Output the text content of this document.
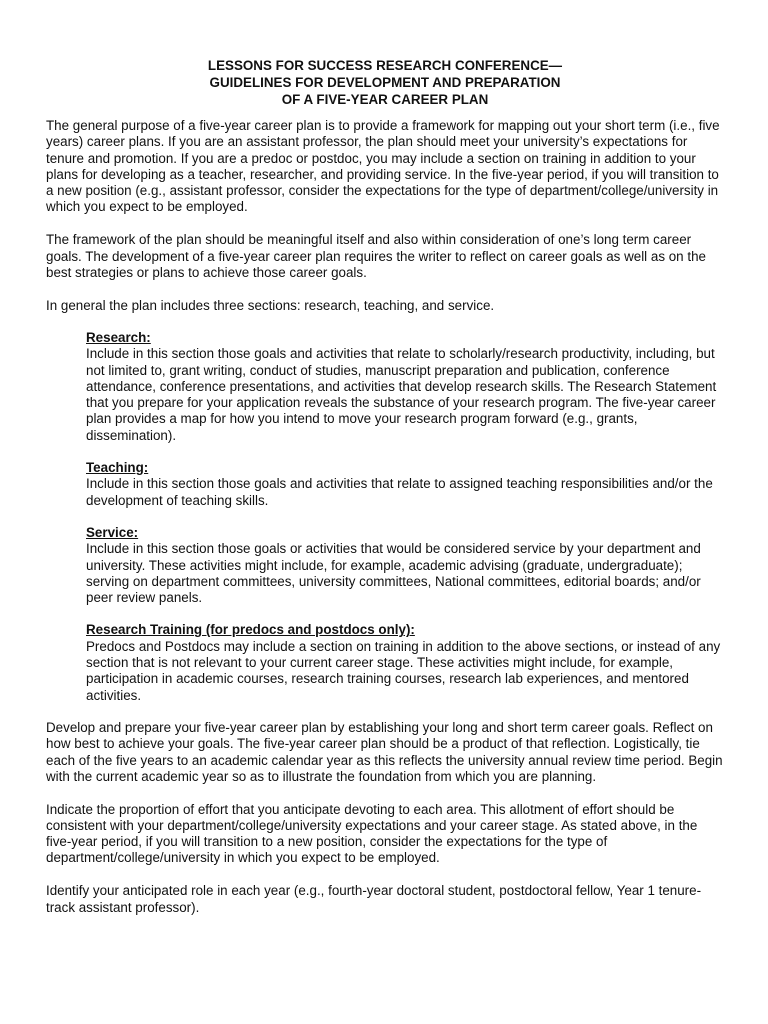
LESSONS FOR SUCCESS RESEARCH CONFERENCE—
GUIDELINES FOR DEVELOPMENT AND PREPARATION
OF A FIVE-YEAR CAREER PLAN

The general purpose of a five-year career plan is to provide a framework for mapping out your short term (i.e., five years) career plans. If you are an assistant professor, the plan should meet your university’s expectations for tenure and promotion. If you are a predoc or postdoc, you may include a section on training in addition to your plans for developing as a teacher, researcher, and providing service. In the five-year period, if you will transition to a new position (e.g., assistant professor, consider the expectations for the type of department/college/university in which you expect to be employed.

The framework of the plan should be meaningful itself and also within consideration of one’s long term career goals. The development of a five-year career plan requires the writer to reflect on career goals as well as on the best strategies or plans to achieve those career goals.

In general the plan includes three sections: research, teaching, and service.

Research:
Include in this section those goals and activities that relate to scholarly/research productivity, including, but not limited to, grant writing, conduct of studies, manuscript preparation and publication, conference attendance, conference presentations, and activities that develop research skills. The Research Statement that you prepare for your application reveals the substance of your research program. The five-year career plan provides a map for how you intend to move your research program forward (e.g., grants, dissemination).
Teaching:
Include in this section those goals and activities that relate to assigned teaching responsibilities and/or the development of teaching skills.
Service:
Include in this section those goals or activities that would be considered service by your department and university. These activities might include, for example, academic advising (graduate, undergraduate); serving on department committees, university committees, National committees, editorial boards; and/or peer review panels.
Research Training (for predocs and postdocs only):
Predocs and Postdocs may include a section on training in addition to the above sections, or instead of any section that is not relevant to your current career stage. These activities might include, for example, participation in academic courses, research training courses, research lab experiences, and mentored activities.

Develop and prepare your five-year career plan by establishing your long and short term career goals. Reflect on how best to achieve your goals. The five-year career plan should be a product of that reflection. Logistically, tie each of the five years to an academic calendar year as this reflects the university annual review time period. Begin with the current academic year so as to illustrate the foundation from which you are planning.

Indicate the proportion of effort that you anticipate devoting to each area. This allotment of effort should be consistent with your department/college/university expectations and your career stage. As stated above, in the five-year period, if you will transition to a new position, consider the expectations for the type of department/college/university in which you expect to be employed.

Identify your anticipated role in each year (e.g., fourth-year doctoral student, postdoctoral fellow, Year 1 tenure-track assistant professor).
